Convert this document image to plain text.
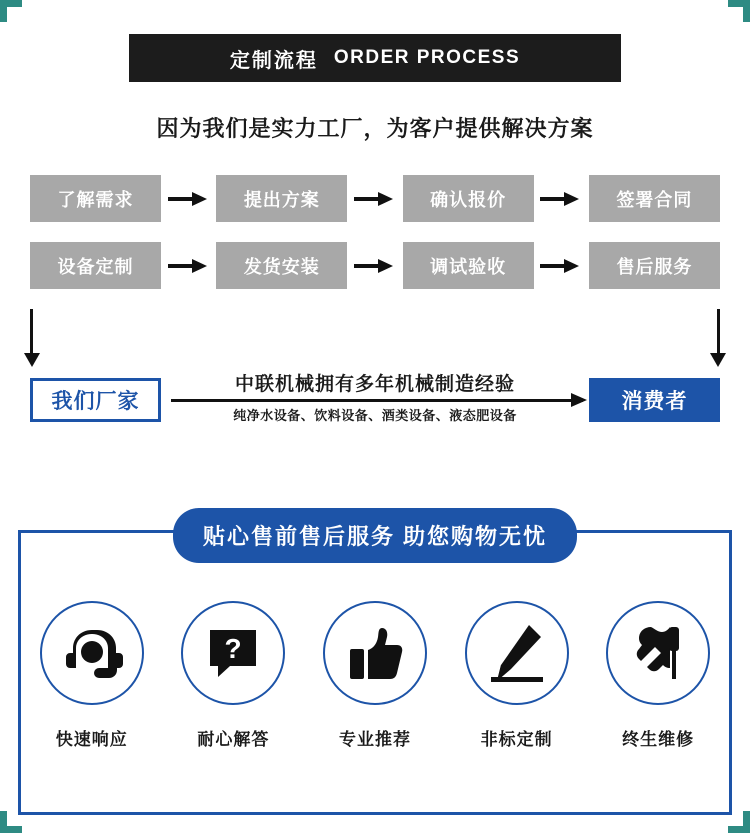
定制流程 ORDER PROCESS
因为我们是实力工厂，为客户提供解决方案
了解需求	提出方案	确认报价	签署合同
设备定制	发货安装	调试验收	售后服务
我们厂家
中联机械拥有多年机械制造经验
纯净水设备、饮料设备、酒类设备、液态肥设备
消费者
贴心售前售后服务 助您购物无忧
快速响应
?
耐心解答	专业推荐	非标定制	终生维修
